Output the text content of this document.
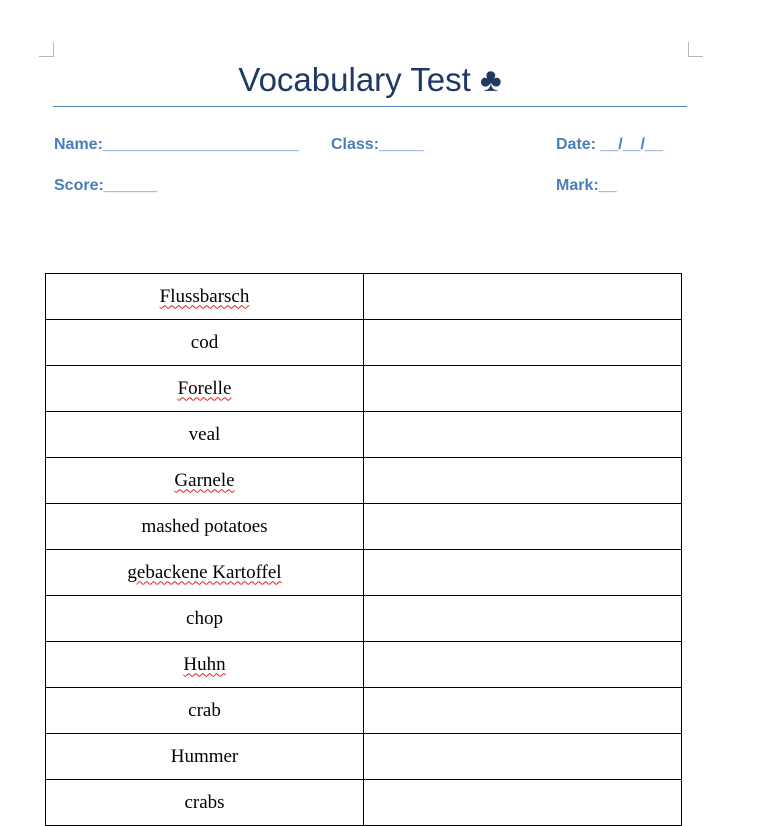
Vocabulary Test ♣
Name:______________________ Class:_____	Date: __/__/__
Score:______	Mark:__
Flussbarsch	
cod	
Forelle	
veal	
Garnele	
mashed potatoes	
gebackene Kartoffel	
chop	
Huhn	
crab	
Hummer	
crabs	
